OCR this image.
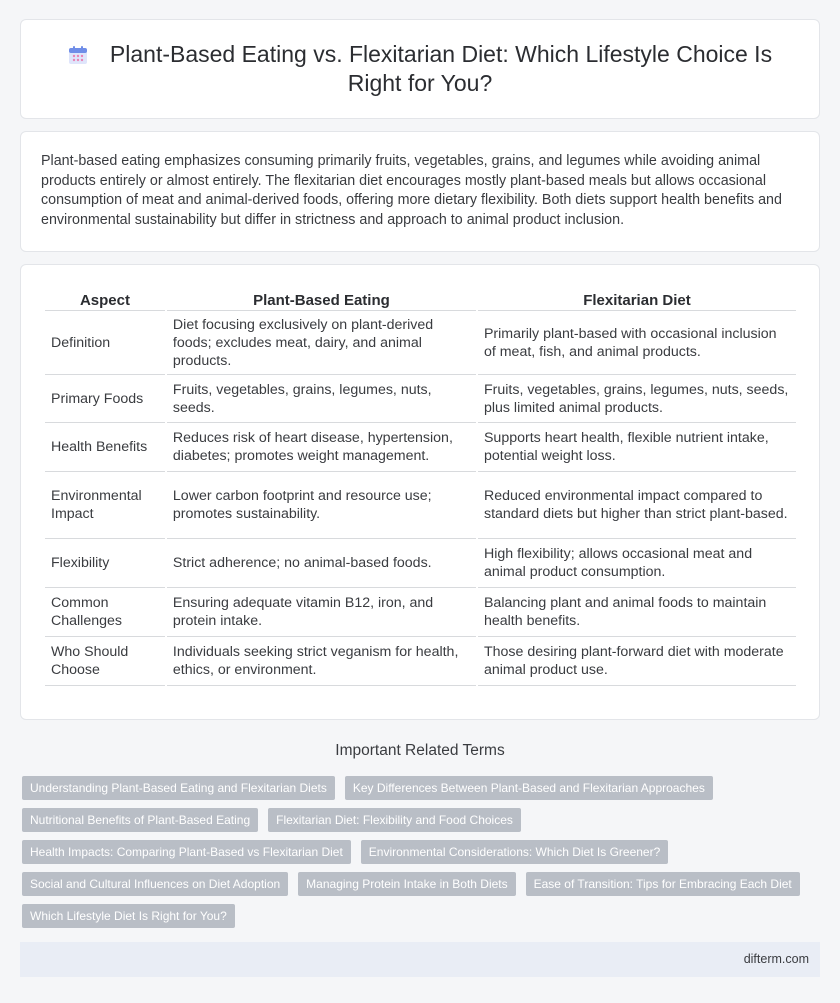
Plant-Based Eating vs. Flexitarian Diet: Which Lifestyle Choice Is Right for You?

Plant-based eating emphasizes consuming primarily fruits, vegetables, grains, and legumes while avoiding animal products entirely or almost entirely. The flexitarian diet encourages mostly plant-based meals but allows occasional consumption of meat and animal-derived foods, offering more dietary flexibility. Both diets support health benefits and environmental sustainability but differ in strictness and approach to animal product inclusion.

Aspect	Plant-Based Eating	Flexitarian Diet
Definition	Diet focusing exclusively on plant-derived foods; excludes meat, dairy, and animal products.	Primarily plant-based with occasional inclusion of meat, fish, and animal products.
Primary Foods	Fruits, vegetables, grains, legumes, nuts, seeds.	Fruits, vegetables, grains, legumes, nuts, seeds, plus limited animal products.
Health Benefits	Reduces risk of heart disease, hypertension, diabetes; promotes weight management.	Supports heart health, flexible nutrient intake, potential weight loss.
Environmental Impact	Lower carbon footprint and resource use; promotes sustainability.	Reduced environmental impact compared to standard diets but higher than strict plant-based.
Flexibility	Strict adherence; no animal-based foods.	High flexibility; allows occasional meat and animal product consumption.
Common Challenges	Ensuring adequate vitamin B12, iron, and protein intake.	Balancing plant and animal foods to maintain health benefits.
Who Should Choose	Individuals seeking strict veganism for health, ethics, or environment.	Those desiring plant-forward diet with moderate animal product use.
Important Related Terms
Understanding Plant-Based Eating and Flexitarian Diets	Key Differences Between Plant-Based and Flexitarian Approaches
Nutritional Benefits of Plant-Based Eating	Flexitarian Diet: Flexibility and Food Choices
Health Impacts: Comparing Plant-Based vs Flexitarian Diet	Environmental Considerations: Which Diet Is Greener?
Social and Cultural Influences on Diet Adoption	Managing Protein Intake in Both Diets	Ease of Transition: Tips for Embracing Each Diet
Which Lifestyle Diet Is Right for You?
difterm.com
